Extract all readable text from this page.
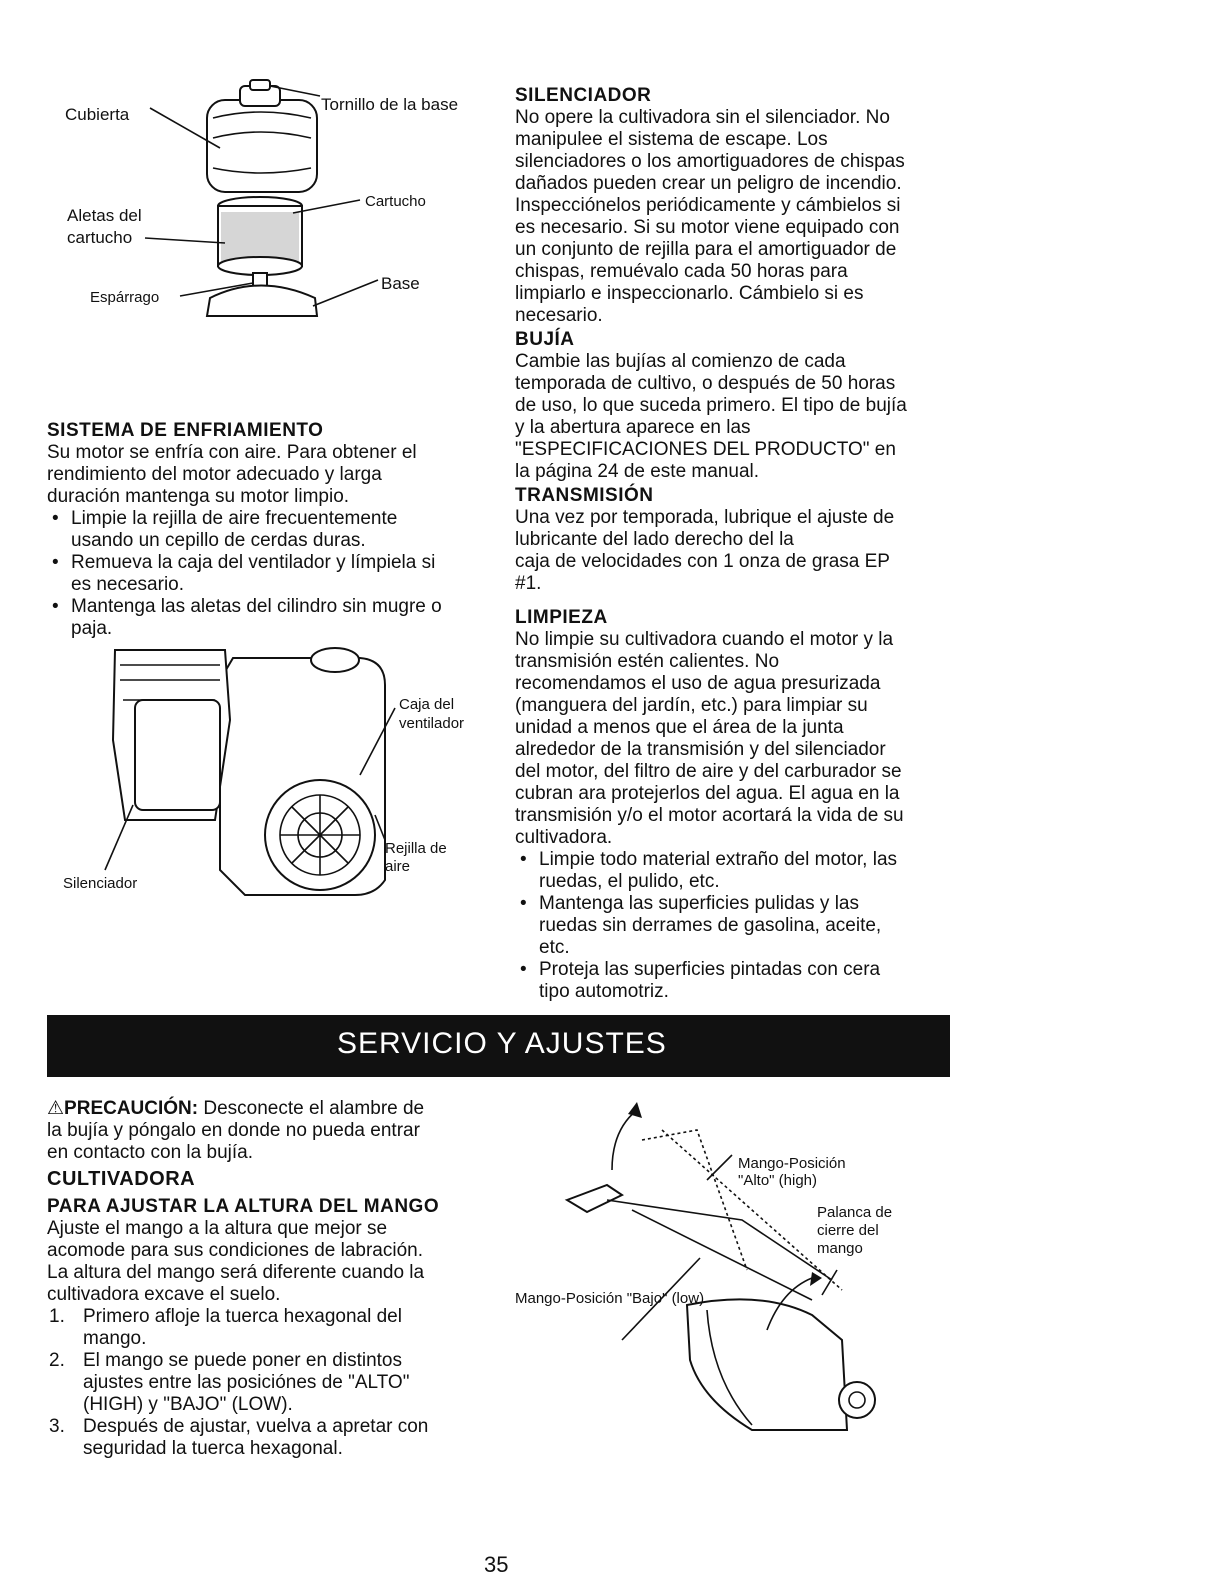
Cubierta
Tornillo de la base
Aletas del
cartucho
Cartucho
Espárrago
Base

SISTEMA DE ENFRIAMIENTO

Su motor se enfría con aire. Para obtener el

rendimiento del motor adecuado y larga

duración mantenga su motor limpio.

• Limpie la rejilla de aire frecuentemente
usando un cepillo de cerdas duras.
• Remueva la caja del ventilador y límpiela si
es necesario.
• Mantenga las aletas del cilindro sin mugre o
paja.
Caja del
ventilador
Rejilla de
aire
Silenciador

SILENCIADOR

No opere la cultivadora sin el silenciador. No

manipulee el sistema de escape. Los

silenciadores o los amortiguadores de chispas

dañados pueden crear un peligro de incendio.

Inspecciónelos periódicamente y cámbielos si

es necesario. Si su motor viene equipado con

un conjunto de rejilla para el amortiguador de

chispas, remuévalo cada 50 horas para

limpiarlo e inspeccionarlo. Cámbielo si es

necesario.

BUJÍA

Cambie las bujías al comienzo de cada

temporada de cultivo, o después de 50 horas

de uso, lo que suceda primero. El tipo de bujía

y la abertura aparece en las

"ESPECIFICACIONES DEL PRODUCTO" en

la página 24 de este manual.

TRANSMISIÓN

Una vez por temporada, lubrique el ajuste de

lubricante del lado derecho del la

caja de velocidades con 1 onza de grasa EP

#1.

LIMPIEZA

No limpie su cultivadora cuando el motor y la

transmisión estén calientes. No

recomendamos el uso de agua presurizada

(manguera del jardín, etc.) para limpiar su

unidad a menos que el área de la junta

alrededor de la transmisión y del silenciador

del motor, del filtro de aire y del carburador se

cubran ara protejerlos del agua. El agua en la

transmisión y/o el motor acortará la vida de su

cultivadora.

• Limpie todo material extraño del motor, las
ruedas, el pulido, etc.
• Mantenga las superficies pulidas y las
ruedas sin derrames de gasolina, aceite,
etc.
• Proteja las superficies pintadas con cera
tipo automotriz.
SERVICIO Y AJUSTES

⚠PRECAUCIÓN: Desconecte el alambre de

la bujía y póngalo en donde no pueda entrar

en contacto con la bujía.

CULTIVADORA

PARA AJUSTAR LA ALTURA DEL MANGO

Ajuste el mango a la altura que mejor se

acomode para sus condiciones de labración.

La altura del mango será diferente cuando la

cultivadora excave el suelo.

1. Primero afloje la tuerca hexagonal del
mango.
2. El mango se puede poner en distintos
ajustes entre las posiciónes de "ALTO"
(HIGH) y "BAJO" (LOW).
3. Después de ajustar, vuelva a apretar con
seguridad la tuerca hexagonal.
Mango-Posición
"Alto" (high)
Palanca de
cierre del
mango
Mango-Posición "Bajo" (low)
35
